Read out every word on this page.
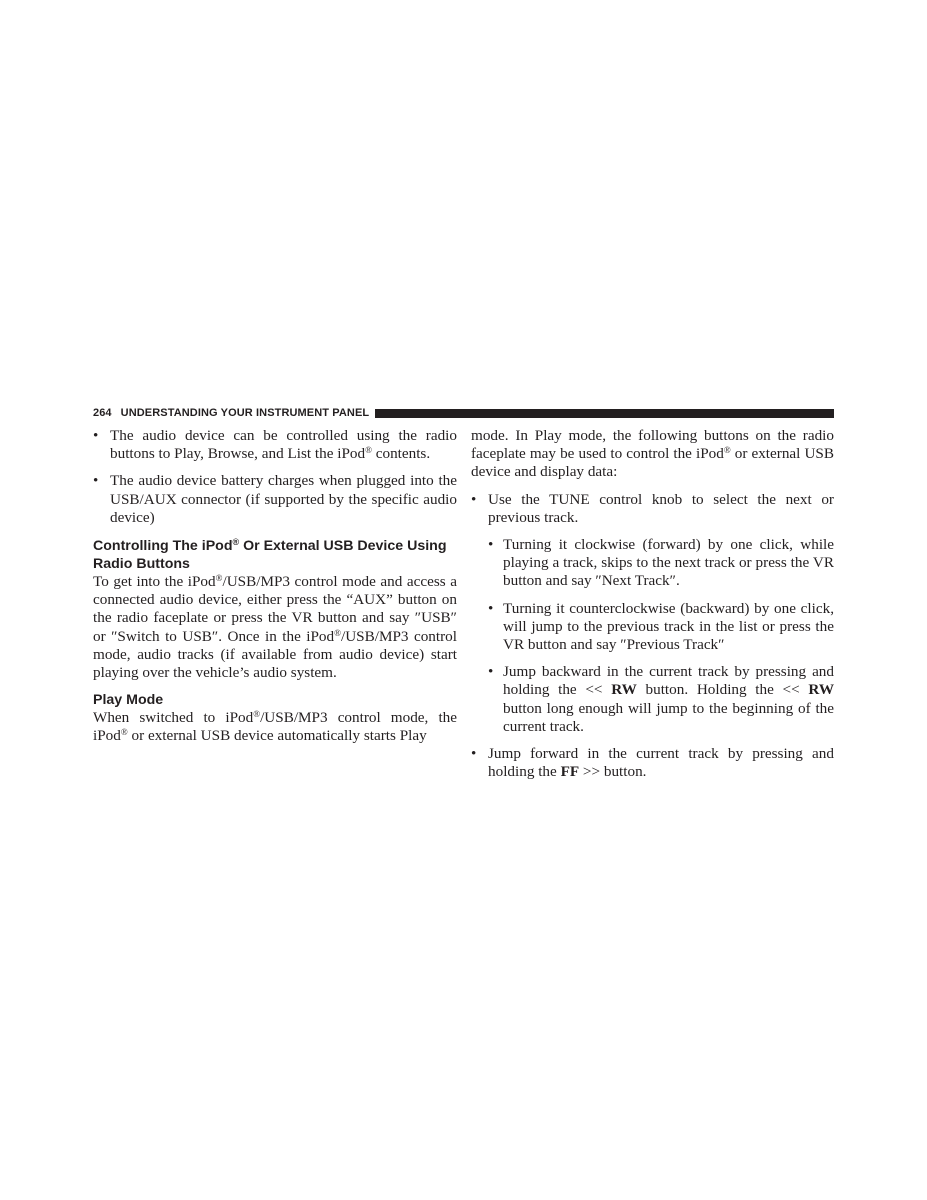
264 UNDERSTANDING YOUR INSTRUMENT PANEL
• The audio device can be controlled using the radio buttons to Play, Browse, and List the iPod® contents.
• The audio device battery charges when plugged into the USB/AUX connector (if supported by the specific audio device)
Controlling The iPod® Or External USB Device Using Radio Buttons

To get into the iPod®/USB/MP3 control mode and access a connected audio device, either press the “AUX” button on the radio faceplate or press the VR button and say ″USB″ or ″Switch to USB″. Once in the iPod®/USB/MP3 control mode, audio tracks (if available from audio device) start playing over the vehicle’s audio system.

Play Mode

When switched to iPod®/USB/MP3 control mode, the iPod® or external USB device automatically starts Play

mode. In Play mode, the following buttons on the radio faceplate may be used to control the iPod® or external USB device and display data:

• Use the TUNE control knob to select the next or previous track.
• Turning it clockwise (forward) by one click, while playing a track, skips to the next track or press the VR button and say ″Next Track″.
• Turning it counterclockwise (backward) by one click, will jump to the previous track in the list or press the VR button and say ″Previous Track″
• Jump backward in the current track by pressing and holding the << RW button. Holding the << RW button long enough will jump to the beginning of the current track.
• Jump forward in the current track by pressing and holding the FF >> button.
